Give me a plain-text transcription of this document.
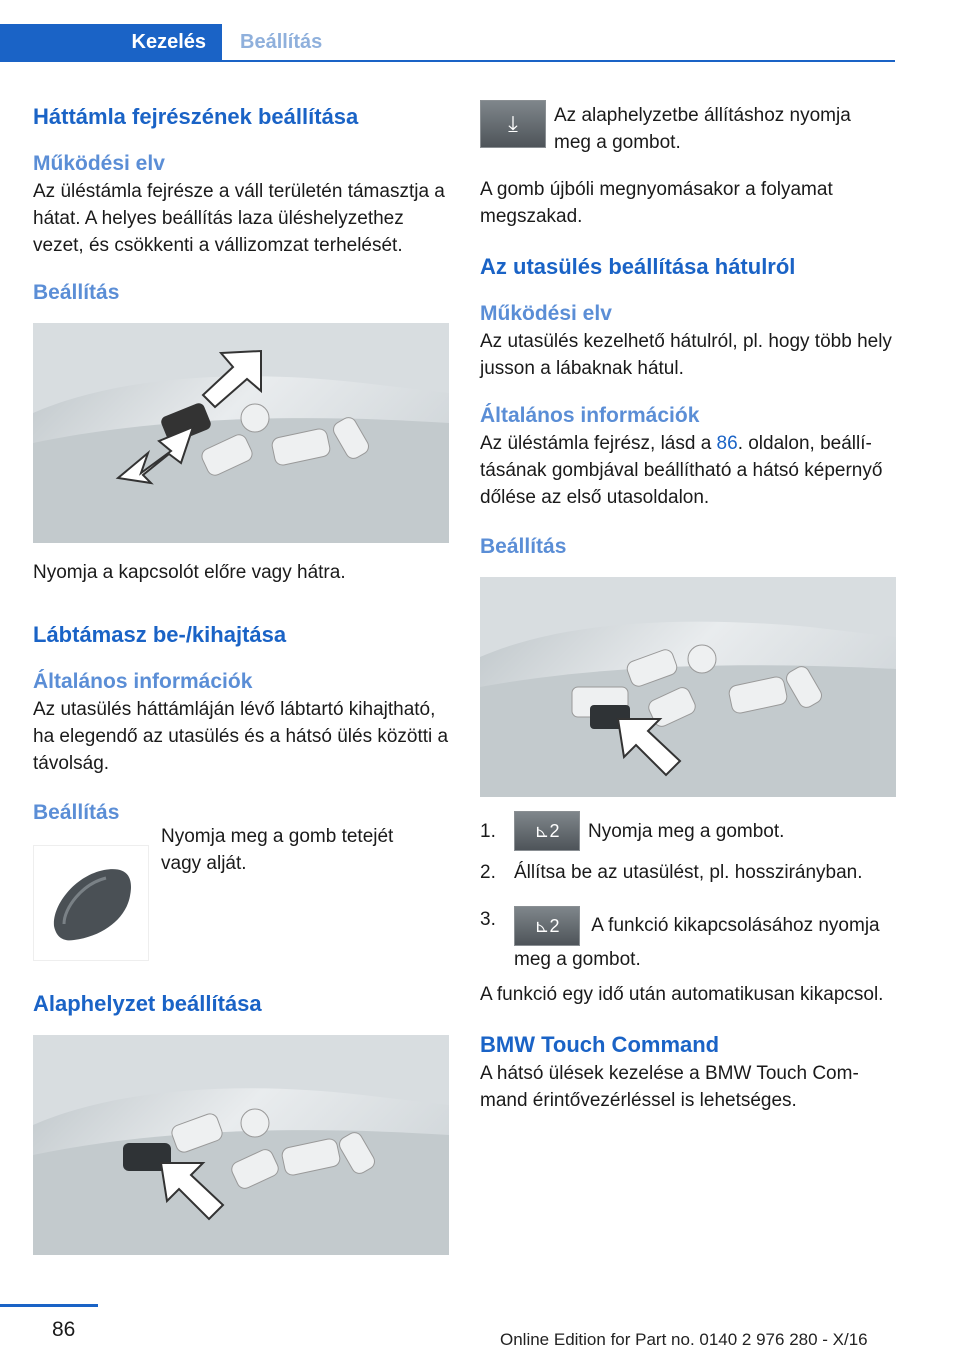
Kezelés	Beállítás
Háttámla fejrészének beállítása
Működési elv

Az üléstámla fejrésze a váll területén támasztja a hátat. A helyes beállítás laza üléshelyzethez vezet, és csökkenti a vállizomzat terhelését.

Beállítás

Nyomja a kapcsolót előre vagy hátra.

Lábtámasz be-/kihajtása
Általános információk

Az utasülés háttámláján lévő lábtartó kihajtható, ha elegendő az utasülés és a hátsó ülés közötti a távolság.

Beállítás

Nyomja meg a gomb tetejét vagy alját.

Alaphelyzet beállítása
⤓	Az alaphelyzetbe állításhoz nyomja meg a gombot.

A gomb újbóli megnyomásakor a folyamat megszakad.

Az utasülés beállítása hátulról
Működési elv

Az utasülés kezelhető hátulról, pl. hogy több hely jusson a lábaknak hátul.

Általános információk

Az üléstámla fejrész, lásd a 86. oldalon, beállításának gombjával beállítható a hátsó képernyő dőlése az első utasoldalon.

Beállítás
1.	⊾2	Nyomja meg a gombot.
2. Állítsa be az utasülést, pl. hosszirányban.
3.	⊾2 A funkció kikapcsolásához nyomja meg a gombot.

A funkció egy idő után automatikusan kikapcsol.

BMW Touch Command

A hátsó ülések kezelése a BMW Touch Command érintővezérléssel is lehetséges.

86	Online Edition for Part no. 0140 2 976 280 - X/16
